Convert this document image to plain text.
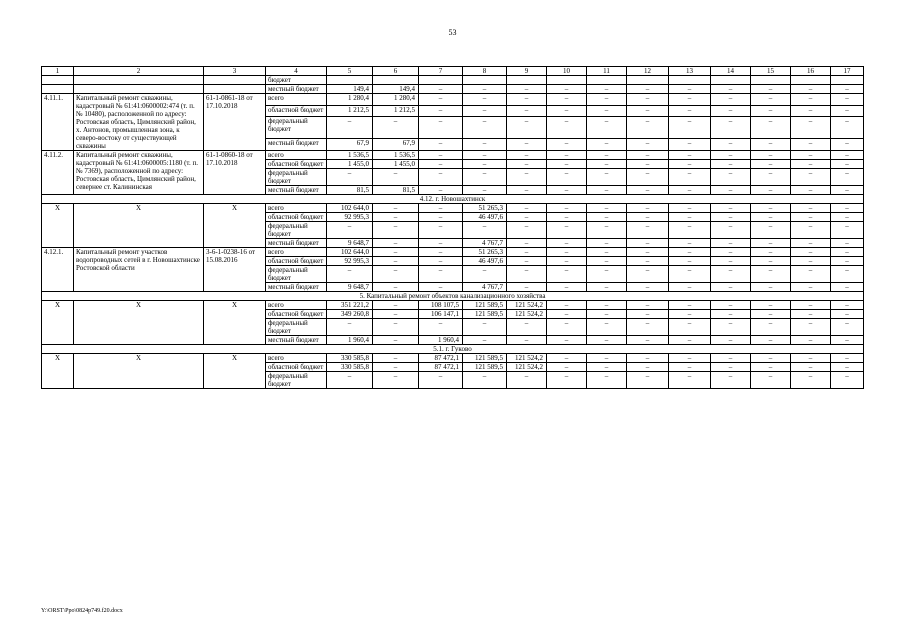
53
1	2	3	4	5	6	7	8	9	10	11	12	13	14	15	16	17
			бюджет													
			местный бюджет	149,4	149,4	–	–	–	–	–	–	–	–	–	–	–
4.11.1.	Капитальный ремонт скважины, кадастровый № 61:41:0600002:474 (т. п. № 10480), расположенной по адресу: Ростовская область, Цимлянский район, х. Антонов, промышленная зона, к северо-востоку от существующей скважины	61-1-0861-18 от 17.10.2018	всего	1 280,4	1 280,4	–	–	–	–	–	–	–	–	–	–	–
			областной бюджет	1 212,5	1 212,5	–	–	–	–	–	–	–	–	–	–	–
			федеральный бюджет	–	–	–	–	–	–	–	–	–	–	–	–	–
			местный бюджет	67,9	67,9	–	–	–	–	–	–	–	–	–	–	–
4.11.2.	Капитальный ремонт скважины, кадастровый № 61:41:0600005:1180 (т. п. № 7369), расположенной по адресу: Ростовская область, Цимлянский район, севернее ст. Калининская	61-1-0860-18 от 17.10.2018	всего	1 536,5	1 536,5	–	–	–	–	–	–	–	–	–	–	–
			областной бюджет	1 455,0	1 455,0	–	–	–	–	–	–	–	–	–	–	–
			федеральный бюджет	–	–	–	–	–	–	–	–	–	–	–	–	–
			местный бюджет	81,5	81,5	–	–	–	–	–	–	–	–	–	–	–
4.12. г. Новошахтинск																
Х	Х	Х	всего	102 644,0	–	–	51 265,3	–	–	–	–	–	–	–	–	–
			областной бюджет	92 995,3	–	–	46 497,6	–	–	–	–	–	–	–	–	–
			федеральный бюджет	–	–	–	–	–	–	–	–	–	–	–	–	–
			местный бюджет	9 648,7	–	–	4 767,7	–	–	–	–	–	–	–	–	–
4.12.1.	Капитальный ремонт участков водопроводных сетей в г. Новошахтинске Ростовской области	3-6-1-0238-16 от 15.08.2016	всего	102 644,0	–	–	51 265,3	–	–	–	–	–	–	–	–	–
			областной бюджет	92 995,3	–	–	46 497,6	–	–	–	–	–	–	–	–	–
			федеральный бюджет	–	–	–	–	–	–	–	–	–	–	–	–	–
			местный бюджет	9 648,7	–	–	4 767,7	–	–	–	–	–	–	–	–	–
5. Капитальный ремонт объектов канализационного хозяйства																
Х	Х	Х	всего	351 221,2	–	108 107,5	121 589,5	121 524,2	–	–	–	–	–	–	–	–
			областной бюджет	349 260,8	–	106 147,1	121 589,5	121 524,2	–	–	–	–	–	–	–	–
			федеральный бюджет	–	–	–	–	–	–	–	–	–	–	–	–	–
			местный бюджет	1 960,4	–	1 960,4	–	–	–	–	–	–	–	–	–	–
5.1. г. Гуково																
Х	Х	Х	всего	330 585,8	–	87 472,1	121 589,5	121 524,2	–	–	–	–	–	–	–	–
			областной бюджет	330 585,8	–	87 472,1	121 589,5	121 524,2	–	–	–	–	–	–	–	–
			федеральный бюджет	–	–	–	–	–	–	–	–	–	–	–	–	–
Y:\ORST\Ppo\0824p749.f20.docx
